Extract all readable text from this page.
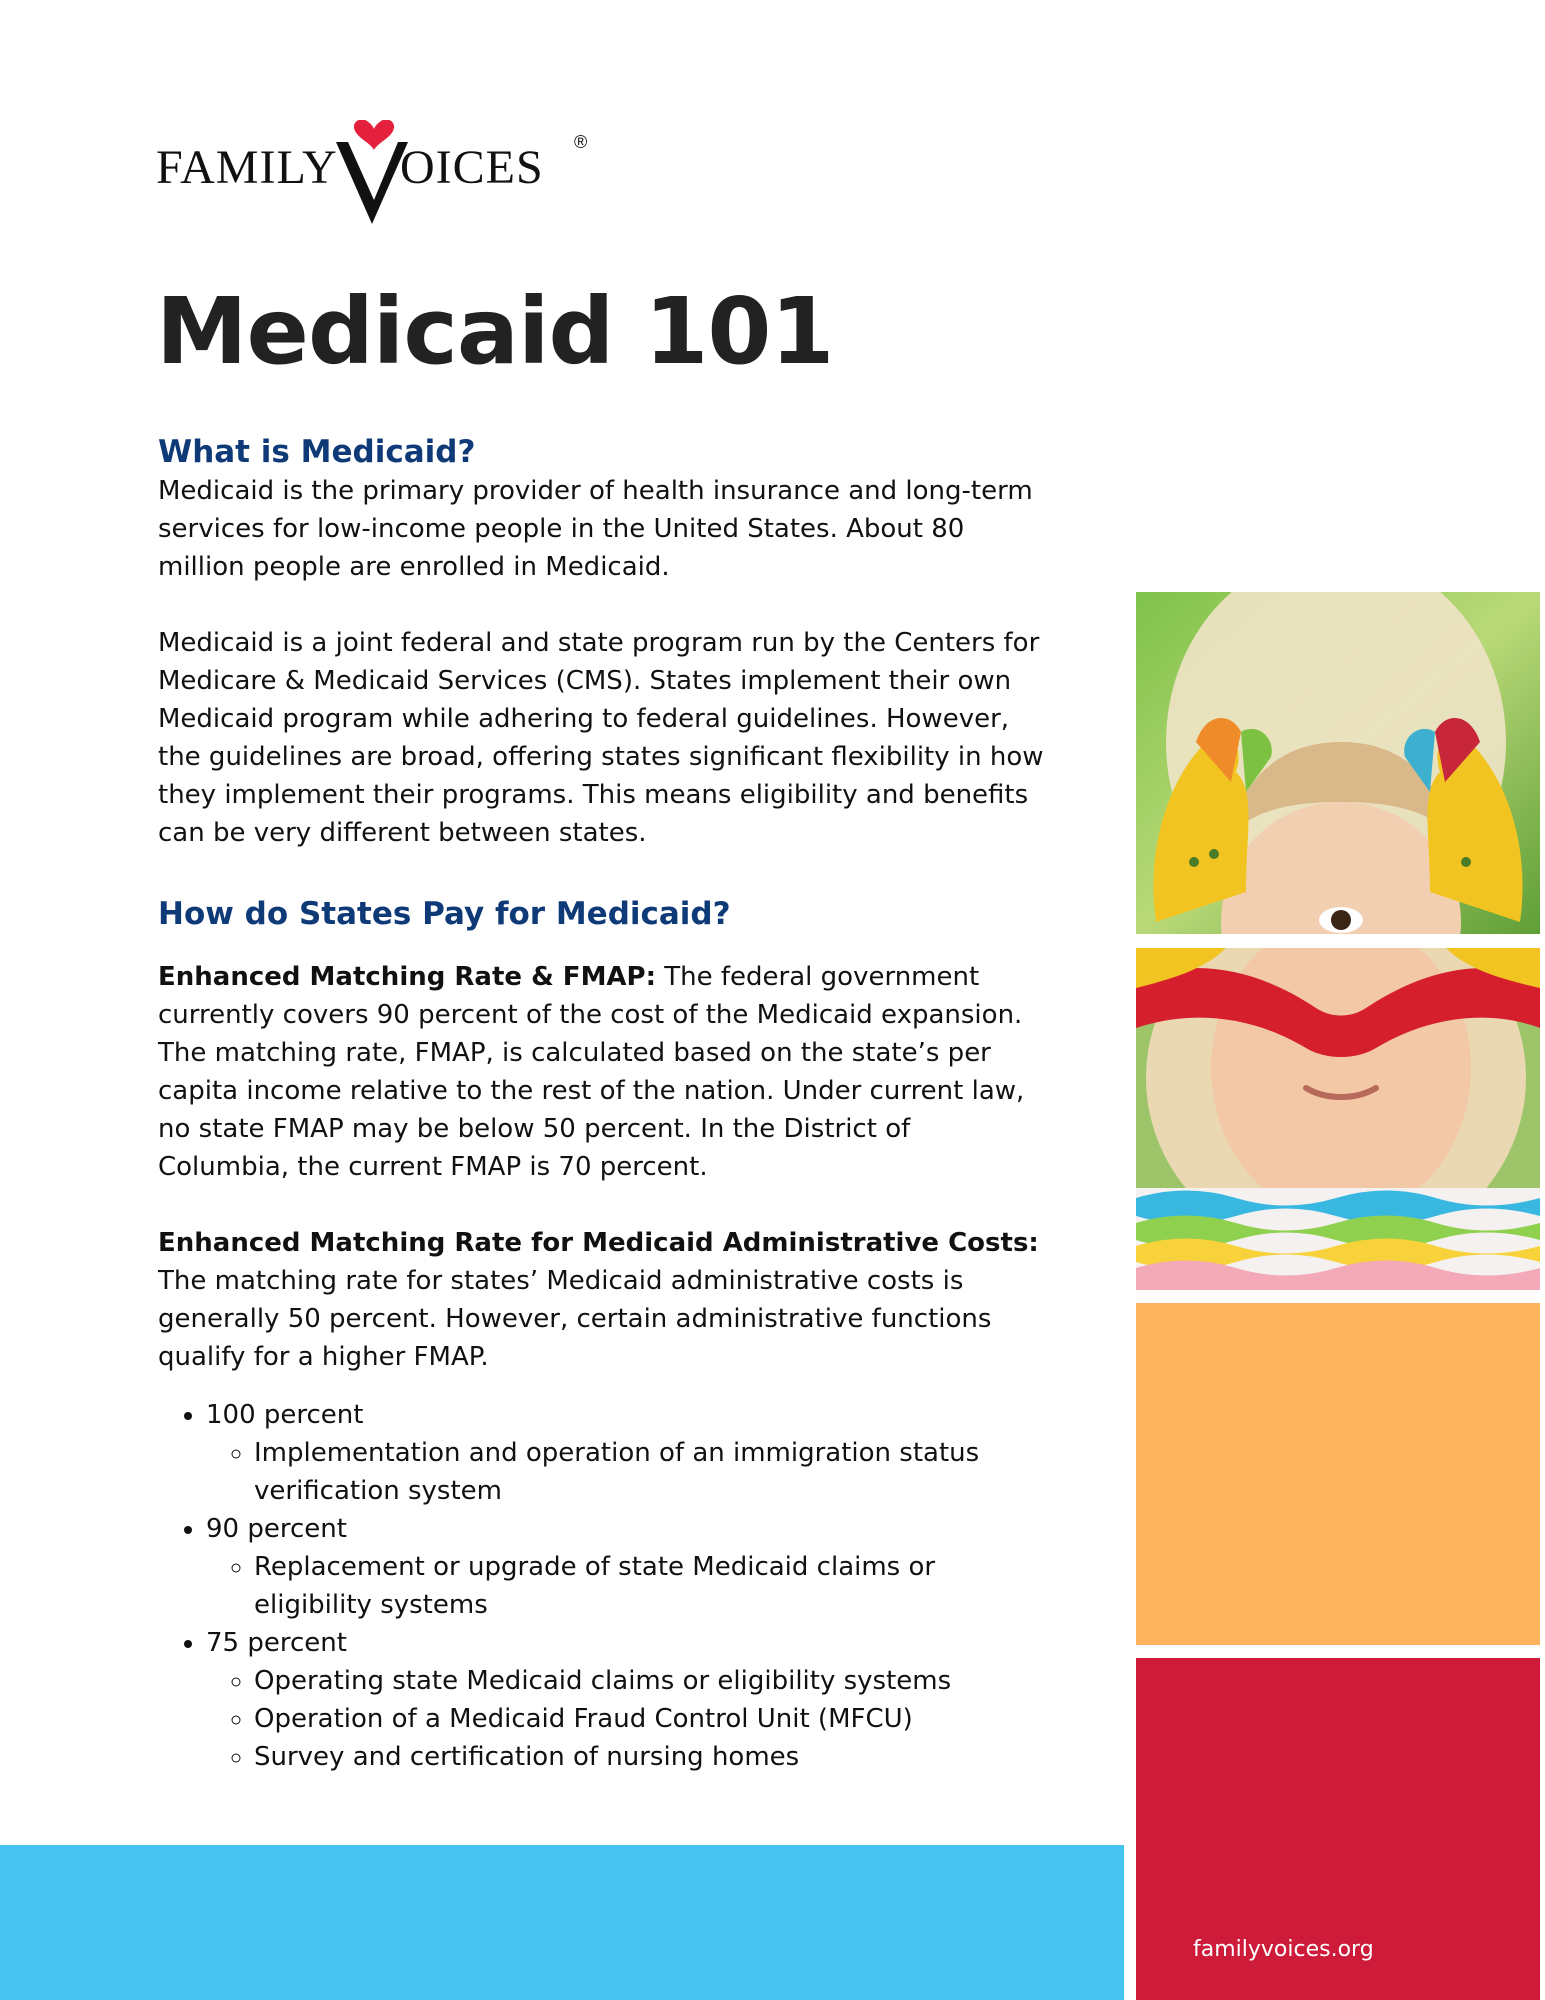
FAMILY OICES ®
Medicaid 101
What is Medicaid?

Medicaid is the primary provider of health insurance and long-term services for low-income people in the United States. About 80 million people are enrolled in Medicaid.

Medicaid is a joint federal and state program run by the Centers for Medicare & Medicaid Services (CMS). States implement their own Medicaid program while adhering to federal guidelines. However, the guidelines are broad, offering states significant flexibility in how they implement their programs. This means eligibility and benefits can be very different between states.

How do States Pay for Medicaid?

Enhanced Matching Rate & FMAP: The federal government currently covers 90 percent of the cost of the Medicaid expansion. The matching rate, FMAP, is calculated based on the state’s per capita income relative to the rest of the nation. Under current law, no state FMAP may be below 50 percent. In the District of Columbia, the current FMAP is 70 percent.

Enhanced Matching Rate for Medicaid Administrative Costs:
The matching rate for states’ Medicaid administrative costs is generally 50 percent. However, certain administrative functions qualify for a higher FMAP.

• 100 percent
◦ Implementation and operation of an immigration status verification system
• 90 percent
◦ Replacement or upgrade of state Medicaid claims or eligibility systems
• 75 percent
◦ Operating state Medicaid claims or eligibility systems
◦ Operation of a Medicaid Fraud Control Unit (MFCU)
◦ Survey and certification of nursing homes
familyvoices.org
